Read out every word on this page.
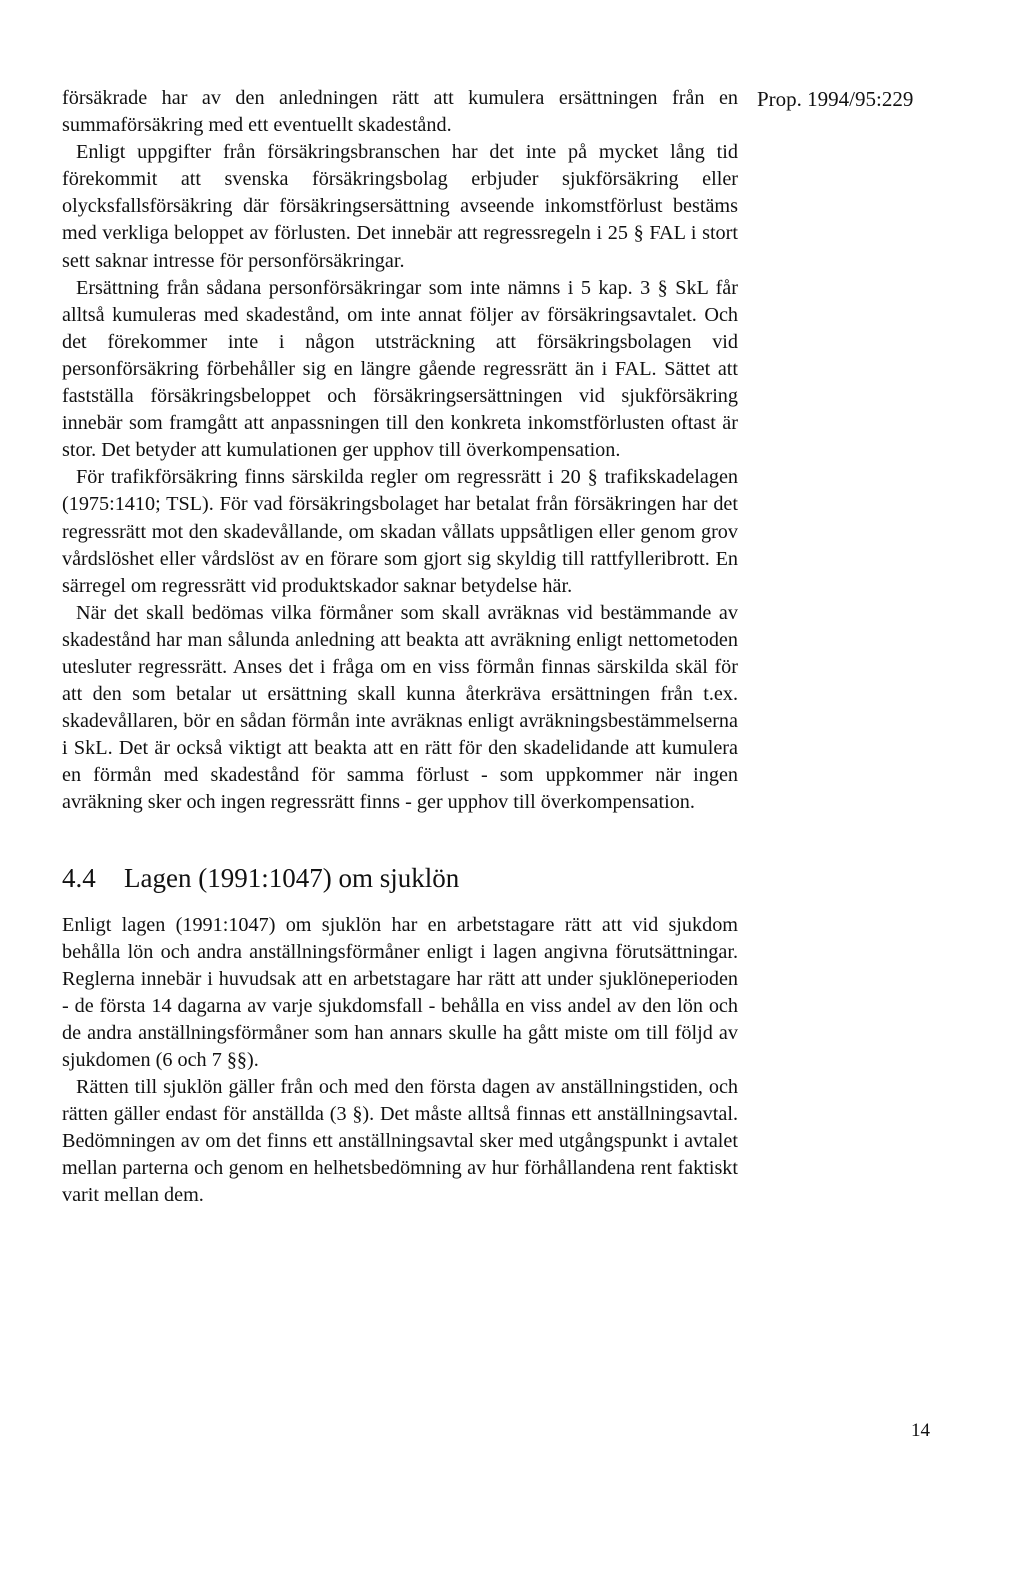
Prop. 1994/95:229

försäkrade har av den anledningen rätt att kumulera ersättningen från en summaförsäkring med ett eventuellt skadestånd.

Enligt uppgifter från försäkringsbranschen har det inte på mycket lång tid förekommit att svenska försäkringsbolag erbjuder sjukförsäkring eller olycksfallsförsäkring där försäkringsersättning avseende inkomstförlust bestäms med verkliga beloppet av förlusten. Det innebär att regressregeln i 25 § FAL i stort sett saknar intresse för personförsäkringar.

Ersättning från sådana personförsäkringar som inte nämns i 5 kap. 3 § SkL får alltså kumuleras med skadestånd, om inte annat följer av försäkringsavtalet. Och det förekommer inte i någon utsträckning att försäkringsbolagen vid personförsäkring förbehåller sig en längre gående regressrätt än i FAL. Sättet att fastställa försäkringsbeloppet och försäkringsersättningen vid sjukförsäkring innebär som framgått att anpassningen till den konkreta inkomstförlusten oftast är stor. Det betyder att kumulationen ger upphov till överkompensation.

För trafikförsäkring finns särskilda regler om regressrätt i 20 § trafikskadelagen (1975:1410; TSL). För vad försäkringsbolaget har betalat från försäkringen har det regressrätt mot den skadevållande, om skadan vållats uppsåtligen eller genom grov vårdslöshet eller vårdslöst av en förare som gjort sig skyldig till rattfylleribrott. En särregel om regressrätt vid produktskador saknar betydelse här.

När det skall bedömas vilka förmåner som skall avräknas vid bestämmande av skadestånd har man sålunda anledning att beakta att avräkning enligt nettometoden utesluter regressrätt. Anses det i fråga om en viss förmån finnas särskilda skäl för att den som betalar ut ersättning skall kunna återkräva ersättningen från t.ex. skadevållaren, bör en sådan förmån inte avräknas enligt avräkningsbestämmelserna i SkL. Det är också viktigt att beakta att en rätt för den skadelidande att kumulera en förmån med skadestånd för samma förlust - som uppkommer när ingen avräkning sker och ingen regressrätt finns - ger upphov till överkompensation.

4.4 Lagen (1991:1047) om sjuklön

Enligt lagen (1991:1047) om sjuklön har en arbetstagare rätt att vid sjukdom behålla lön och andra anställningsförmåner enligt i lagen angivna förutsättningar. Reglerna innebär i huvudsak att en arbetstagare har rätt att under sjuklöneperioden - de första 14 dagarna av varje sjukdomsfall - behålla en viss andel av den lön och de andra anställningsförmåner som han annars skulle ha gått miste om till följd av sjukdomen (6 och 7 §§).

Rätten till sjuklön gäller från och med den första dagen av anställningstiden, och rätten gäller endast för anställda (3 §). Det måste alltså finnas ett anställningsavtal. Bedömningen av om det finns ett anställningsavtal sker med utgångspunkt i avtalet mellan parterna och genom en helhetsbedömning av hur förhållandena rent faktiskt varit mellan dem.

14
